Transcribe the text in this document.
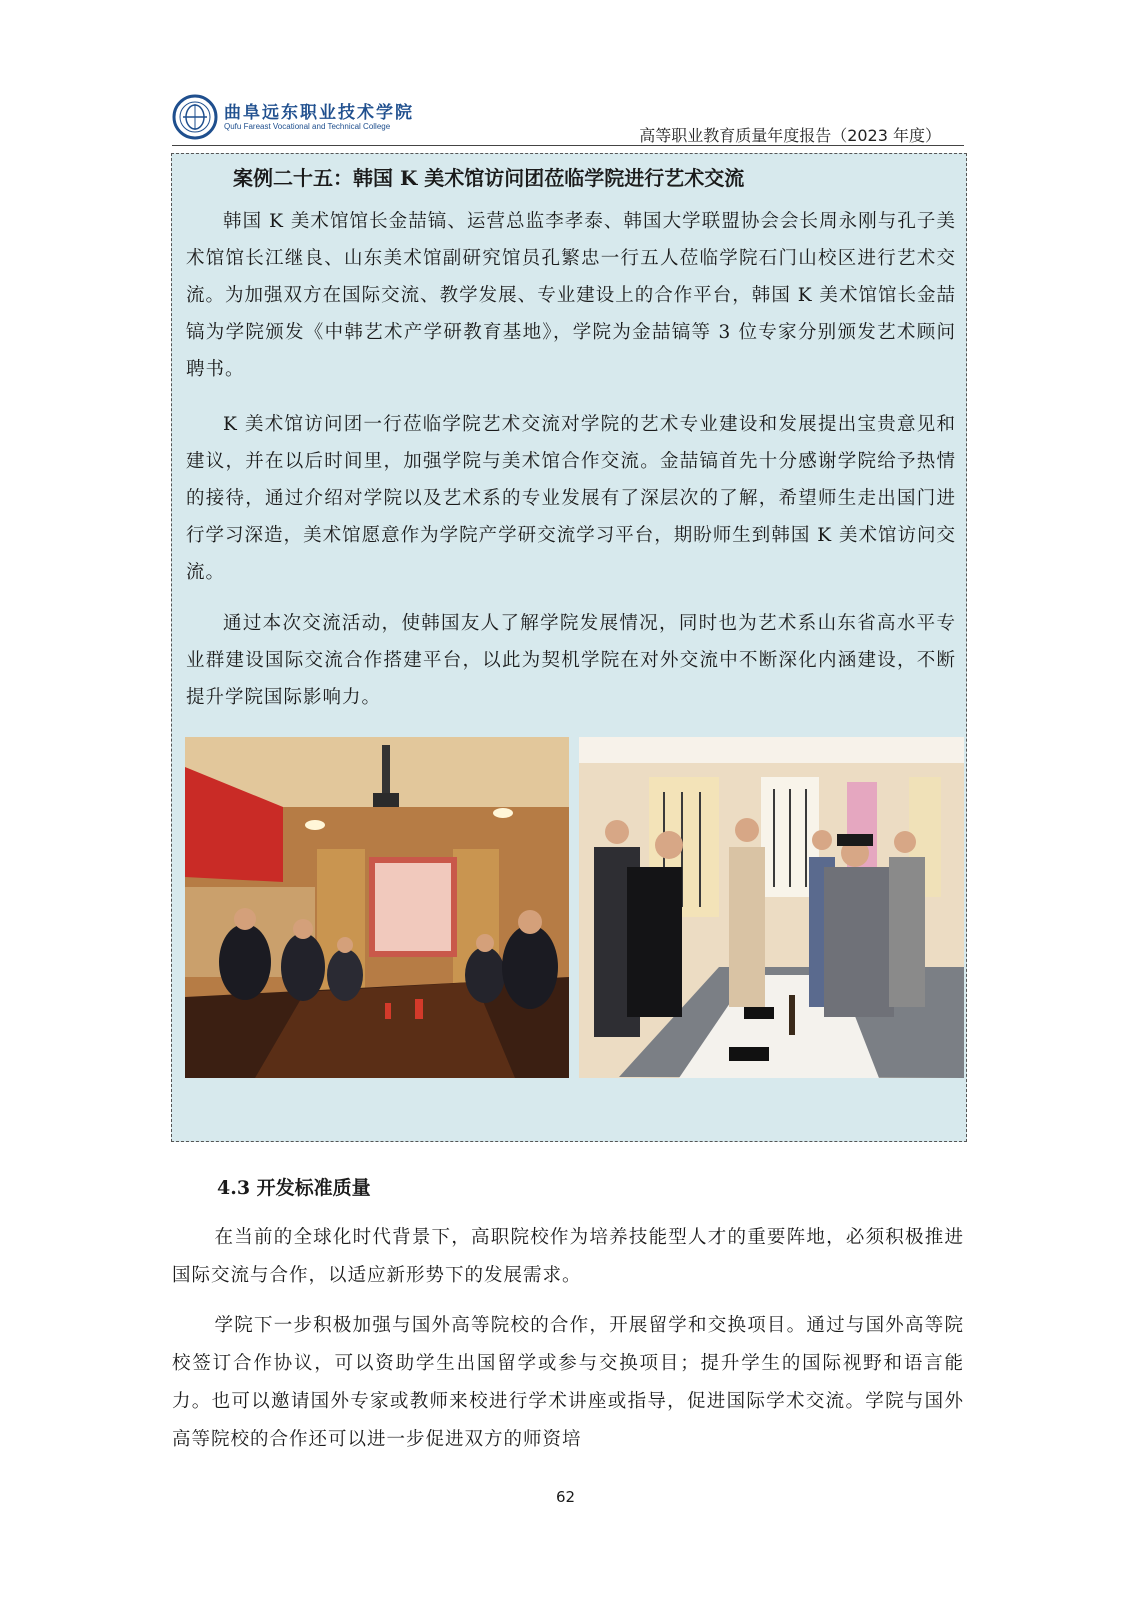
曲阜远东职业技术学院
Qufu Fareast Vocational and Technical College	高等职业教育质量年度报告（2023 年度）
案例二十五：韩国 K 美术馆访问团莅临学院进行艺术交流

韩国 K 美术馆馆长金喆镐、运营总监李孝泰、韩国大学联盟协会会长周永刚与孔子美术馆馆长江继良、山东美术馆副研究馆员孔繁忠一行五人莅临学院石门山校区进行艺术交流。为加强双方在国际交流、教学发展、专业建设上的合作平台，韩国 K 美术馆馆长金喆镐为学院颁发《中韩艺术产学研教育基地》，学院为金喆镐等 3 位专家分别颁发艺术顾问聘书。

K 美术馆访问团一行莅临学院艺术交流对学院的艺术专业建设和发展提出宝贵意见和建议，并在以后时间里，加强学院与美术馆合作交流。金喆镐首先十分感谢学院给予热情的接待，通过介绍对学院以及艺术系的专业发展有了深层次的了解，希望师生走出国门进行学习深造，美术馆愿意作为学院产学研交流学习平台，期盼师生到韩国 K 美术馆访问交流。

通过本次交流活动，使韩国友人了解学院发展情况，同时也为艺术系山东省高水平专业群建设国际交流合作搭建平台，以此为契机学院在对外交流中不断深化内涵建设，不断提升学院国际影响力。

4.3 开发标准质量

在当前的全球化时代背景下，高职院校作为培养技能型人才的重要阵地，必须积极推进国际交流与合作，以适应新形势下的发展需求。

学院下一步积极加强与国外高等院校的合作，开展留学和交换项目。通过与国外高等院校签订合作协议，可以资助学生出国留学或参与交换项目；提升学生的国际视野和语言能力。也可以邀请国外专家或教师来校进行学术讲座或指导，促进国际学术交流。学院与国外高等院校的合作还可以进一步促进双方的师资培

62
